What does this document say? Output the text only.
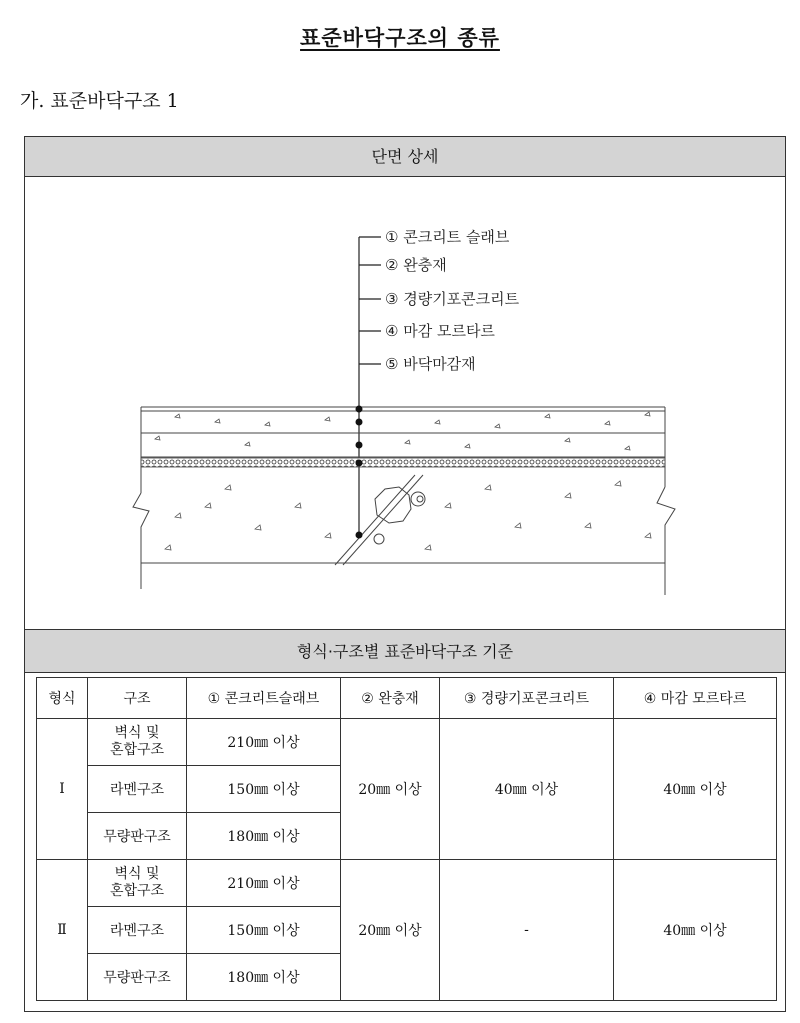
표준바닥구조의 종류
가. 표준바닥구조 1
단면 상세
① 콘크리트 슬래브
② 완충재
③ 경량기포콘크리트
④ 마감 모르타르
⑤ 바닥마감재
형식·구조별 표준바닥구조 기준
형식	구조	① 콘크리트슬래브	② 완충재	③ 경량기포콘크리트	④ 마감 모르타르
Ⅰ	벽식 및
혼합구조	210㎜ 이상	20㎜ 이상	40㎜ 이상	40㎜ 이상
	라멘구조	150㎜ 이상			
	무량판구조	180㎜ 이상			
Ⅱ	벽식 및
혼합구조	210㎜ 이상	20㎜ 이상	-	40㎜ 이상
	라멘구조	150㎜ 이상			
	무량판구조	180㎜ 이상			
